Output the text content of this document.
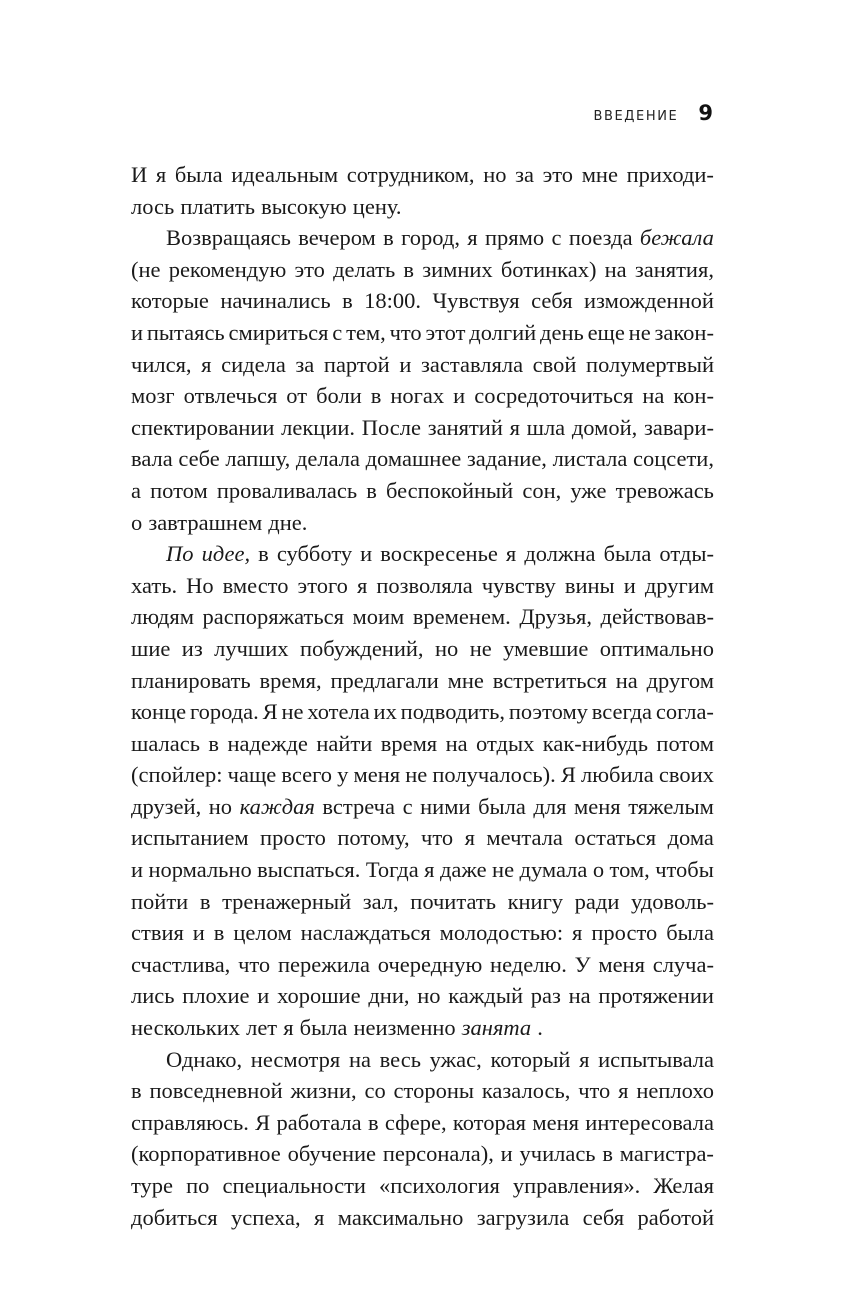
ВВЕДЕНИЕ 9
И я была идеальным сотрудником, но за это мне приходи-
лось платить высокую цену.
Возвращаясь вечером в город, я прямо с поезда бежала
(не рекомендую это делать в зимних ботинках) на занятия,
которые начинались в 18:00. Чувствуя себя изможденной
и пытаясь смириться с тем, что этот долгий день еще не закон-
чился, я сидела за партой и заставляла свой полумертвый
мозг отвлечься от боли в ногах и сосредоточиться на кон-
спектировании лекции. После занятий я шла домой, завари-
вала себе лапшу, делала домашнее задание, листала соцсети,
а потом проваливалась в беспокойный сон, уже тревожась
о завтрашнем дне.
По идее, в субботу и воскресенье я должна была отды-
хать. Но вместо этого я позволяла чувству вины и другим
людям распоряжаться моим временем. Друзья, действовав-
шие из лучших побуждений, но не умевшие оптимально
планировать время, предлагали мне встретиться на другом
конце города. Я не хотела их подводить, поэтому всегда согла-
шалась в надежде найти время на отдых как-нибудь потом
(спойлер: чаще всего у меня не получалось). Я любила своих
друзей, но каждая встреча с ними была для меня тяжелым
испытанием просто потому, что я мечтала остаться дома
и нормально выспаться. Тогда я даже не думала о том, чтобы
пойти в тренажерный зал, почитать книгу ради удоволь-
ствия и в целом наслаждаться молодостью: я просто была
счастлива, что пережила очередную неделю. У меня случа-
лись плохие и хорошие дни, но каждый раз на протяжении
нескольких лет я была неизменно занята .
Однако, несмотря на весь ужас, который я испытывала
в повседневной жизни, со стороны казалось, что я неплохо
справляюсь. Я работала в сфере, которая меня интересовала
(корпоративное обучение персонала), и училась в магистра-
туре по специальности «психология управления». Желая
добиться успеха, я максимально загрузила себя работой
